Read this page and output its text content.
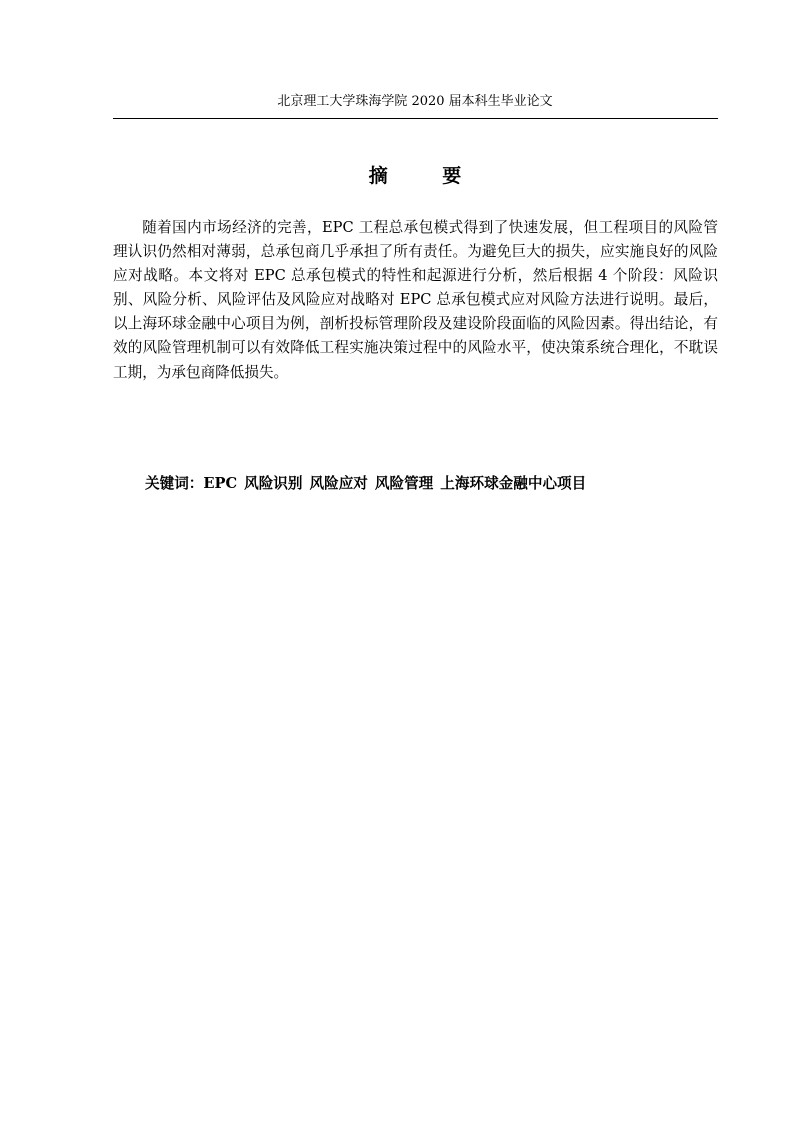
北京理工大学珠海学院 2020 届本科生毕业论文
摘 要

随着国内市场经济的完善，EPC 工程总承包模式得到了快速发展，但工程项目的风险管理认识仍然相对薄弱，总承包商几乎承担了所有责任。为避免巨大的损失，应实施良好的风险应对战略。本文将对 EPC 总承包模式的特性和起源进行分析，然后根据 4 个阶段：风险识别、风险分析、风险评估及风险应对战略对 EPC 总承包模式应对风险方法进行说明。最后，以上海环球金融中心项目为例，剖析投标管理阶段及建设阶段面临的风险因素。得出结论，有效的风险管理机制可以有效降低工程实施决策过程中的风险水平，使决策系统合理化，不耽误工期，为承包商降低损失。

关键词：EPC 风险识别 风险应对 风险管理 上海环球金融中心项目
